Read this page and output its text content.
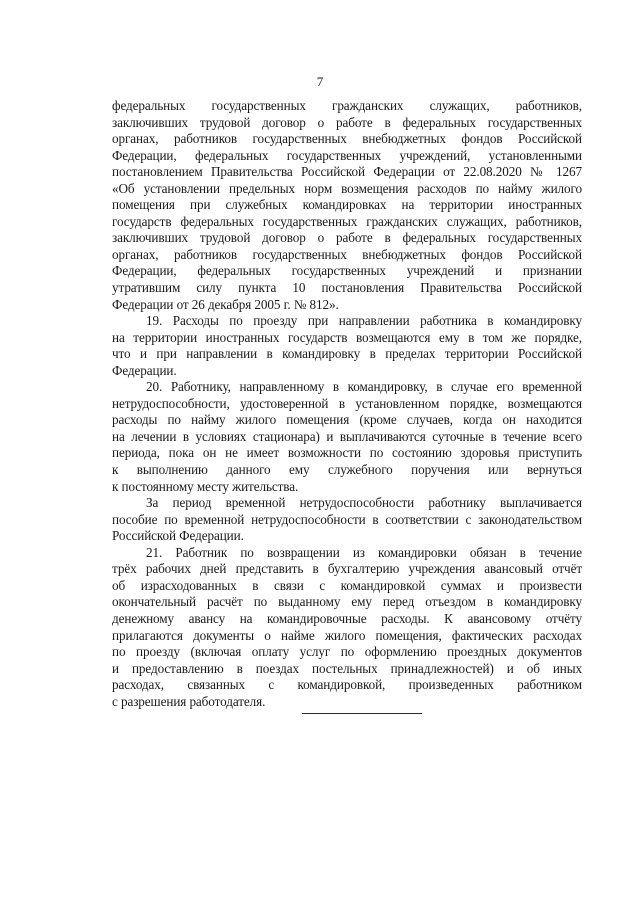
7

федеральных государственных гражданских служащих, работников,
заключивших трудовой договор о работе в федеральных государственных
органах, работников государственных внебюджетных фондов Российской
Федерации, федеральных государственных учреждений, установленными
постановлением Правительства Российской Федерации от 22.08.2020 № 1267
«Об установлении предельных норм возмещения расходов по найму жилого
помещения при служебных командировках на территории иностранных
государств федеральных государственных гражданских служащих, работников,
заключивших трудовой договор о работе в федеральных государственных
органах, работников государственных внебюджетных фондов Российской
Федерации, федеральных государственных учреждений и признании
утратившим силу пункта 10 постановления Правительства Российской
Федерации от 26 декабря 2005 г. № 812».

19. Расходы по проезду при направлении работника в командировку
на территории иностранных государств возмещаются ему в том же порядке,
что и при направлении в командировку в пределах территории Российской
Федерации.

20. Работнику, направленному в командировку, в случае его временной
нетрудоспособности, удостоверенной в установленном порядке, возмещаются
расходы по найму жилого помещения (кроме случаев, когда он находится
на лечении в условиях стационара) и выплачиваются суточные в течение всего
периода, пока он не имеет возможности по состоянию здоровья приступить
к выполнению данного ему служебного поручения или вернуться
к постоянному месту жительства.

За период временной нетрудоспособности работнику выплачивается
пособие по временной нетрудоспособности в соответствии с законодательством
Российской Федерации.

21. Работник по возвращении из командировки обязан в течение
трёх рабочих дней представить в бухгалтерию учреждения авансовый отчёт
об израсходованных в связи с командировкой суммах и произвести
окончательный расчёт по выданному ему перед отъездом в командировку
денежному авансу на командировочные расходы. К авансовому отчёту
прилагаются документы о найме жилого помещения, фактических расходах
по проезду (включая оплату услуг по оформлению проездных документов
и предоставлению в поездах постельных принадлежностей) и об иных
расходах, связанных с командировкой, произведенных работником
с разрешения работодателя.
